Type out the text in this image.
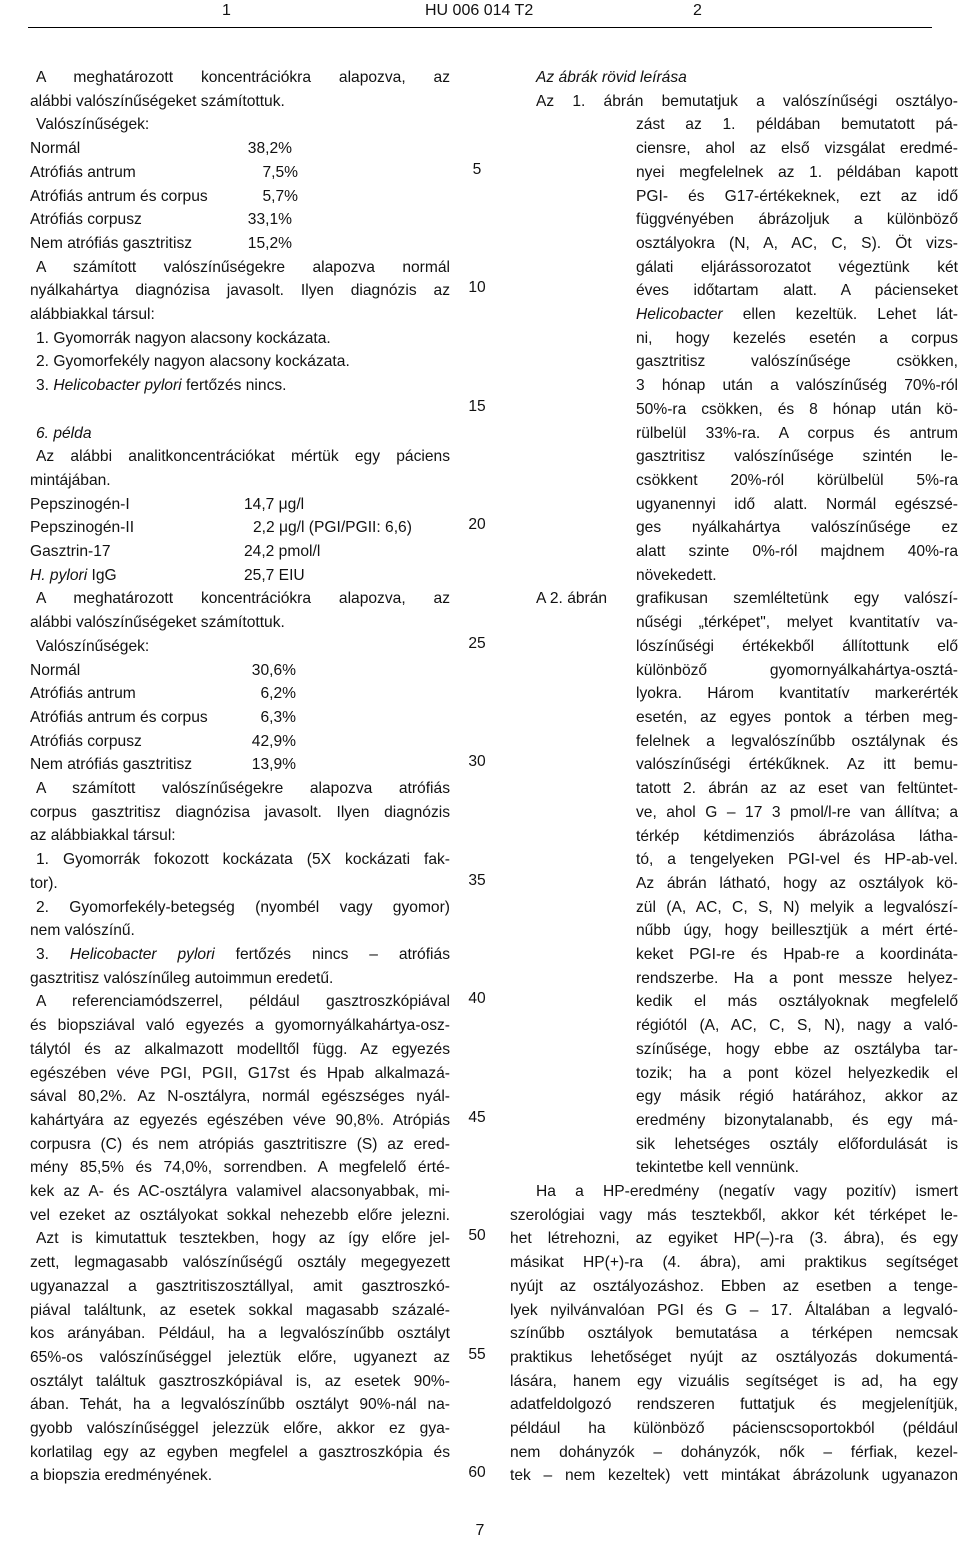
1	HU 006 014 T2	2

A meghatározott koncentrációkra alapozva, az

alábbi valószínűségeket számítottuk.

Valószínűségek:

Normál	38,2%
Atrófiás antrum	7,5%
Atrófiás antrum és corpus	5,7%
Atrófiás corpusz	33,1%
Nem atrófiás gasztritisz	15,2%

A számított valószínűségekre alapozva normál

nyálkahártya diagnózisa javasolt. Ilyen diagnózis az

alábbiakkal társul:

1. Gyomorrák nagyon alacsony kockázata.

2. Gyomorfekély nagyon alacsony kockázata.

3. Helicobacter pylori fertőzés nincs.

6. példa

Az alábbi analitkoncentrációkat mértük egy páciens

mintájában.

Pepszinogén-I	14,7 μg/l
Pepszinogén-II	2,2 μg/l (PGI/PGII: 6,6)
Gasztrin-17	24,2 pmol/l
H. pylori IgG	25,7 EIU

A meghatározott koncentrációkra alapozva, az

alábbi valószínűségeket számítottuk.

Valószínűségek:

Normál	30,6%
Atrófiás antrum	6,2%
Atrófiás antrum és corpus	6,3%
Atrófiás corpusz	42,9%
Nem atrófiás gasztritisz	13,9%

A számított valószínűségekre alapozva atrófiás

corpus gasztritisz diagnózisa javasolt. Ilyen diagnózis

az alábbiakkal társul:

1. Gyomorrák fokozott kockázata (5X kockázati fak-

tor).

2. Gyomorfekély-betegség (nyombél vagy gyomor)

nem valószínű.

3. Helicobacter pylori fertőzés nincs – atrófiás

gasztritisz valószínűleg autoimmun eredetű.

A referenciamódszerrel, például gasztroszkópiával

és biopsziával való egyezés a gyomornyálkahártya-osz-

tálytól és az alkalmazott modelltől függ. Az egyezés

egészében véve PGI, PGII, G17st és Hpab alkalmazá-

sával 80,2%. Az N-osztályra, normál egészséges nyál-

kahártyára az egyezés egészében véve 90,8%. Atrópiás

corpusra (C) és nem atrópiás gasztritiszre (S) az ered-

mény 85,5% és 74,0%, sorrendben. A megfelelő érté-

kek az A- és AC-osztályra valamivel alacsonyabbak, mi-

vel ezeket az osztályokat sokkal nehezebb előre jelezni.

Azt is kimutattuk tesztekben, hogy az így előre jel-

zett, legmagasabb valószínűségű osztály megegyezett

ugyanazzal a gasztritiszosztállyal, amit gasztroszkó-

piával találtunk, az esetek sokkal magasabb százalé-

kos arányában. Például, ha a legvalószínűbb osztályt

65%-os valószínűséggel jeleztük előre, ugyanezt az

osztályt találtuk gasztroszkópiával is, az esetek 90%-

ában. Tehát, ha a legvalószínűbb osztályt 90%-nál na-

gyobb valószínűséggel jelezzük előre, akkor ez gya-

korlatilag egy az egyben megfelel a gasztroszkópia és

a biopszia eredményének.

5
10
15
20
25
30
35
40
45
50
55
60

Az ábrák rövid leírása

Az 1. ábrán bemutatjuk a valószínűségi osztályo-

zást az 1. példában bemutatott pá-

ciensre, ahol az első vizsgálat eredmé-

nyei megfelelnek az 1. példában kapott

PGI- és G17-értékeknek, ezt az idő

függvényében ábrázoljuk a különböző

osztályokra (N, A, AC, C, S). Öt vizs-

gálati eljárássorozatot végeztünk két

éves időtartam alatt. A pácienseket

Helicobacter ellen kezeltük. Lehet lát-

ni, hogy kezelés esetén a corpus

gasztritisz valószínűsége csökken,

3 hónap után a valószínűség 70%-ról

50%-ra csökken, és 8 hónap után kö-

rülbelül 33%-ra. A corpus és antrum

gasztritisz valószínűsége szintén le-

csökkent 20%-ról körülbelül 5%-ra

ugyanennyi idő alatt. Normál egészsé-

ges nyálkahártya valószínűsége ez

alatt szinte 0%-ról majdnem 40%-ra

növekedett.

A 2. ábrán	grafikusan szemléltetünk egy valószí-

nűségi „térképet", melyet kvantitatív va-

lószínűségi értékekből állítottunk elő

különböző gyomornyálkahártya-osztá-

lyokra. Három kvantitatív markerérték

esetén, az egyes pontok a térben meg-

felelnek a legvalószínűbb osztálynak és

valószínűségi értékűknek. Az itt bemu-

tatott 2. ábrán az az eset van feltüntet-

ve, ahol G – 17 3 pmol/l-re van állítva; a

térkép kétdimenziós ábrázolása látha-

tó, a tengelyeken PGI-vel és HP-ab-vel.

Az ábrán látható, hogy az osztályok kö-

zül (A, AC, C, S, N) melyik a legvalószí-

nűbb úgy, hogy beillesztjük a mért érté-

keket PGI-re és Hpab-re a koordináta-

rendszerbe. Ha a pont messze helyez-

kedik el más osztályoknak megfelelő

régiótól (A, AC, C, S, N), nagy a való-

színűsége, hogy ebbe az osztályba tar-

tozik; ha a pont közel helyezkedik el

egy másik régió határához, akkor az

eredmény bizonytalanabb, és egy má-

sik lehetséges osztály előfordulását is

tekintetbe kell vennünk.

Ha a HP-eredmény (negatív vagy pozitív) ismert

szerológiai vagy más tesztekből, akkor két térképet le-

het létrehozni, az egyiket HP(–)-ra (3. ábra), és egy

másikat HP(+)-ra (4. ábra), ami praktikus segítséget

nyújt az osztályozáshoz. Ebben az esetben a tenge-

lyek nyilvánvalóan PGI és G – 17. Általában a legvaló-

színűbb osztályok bemutatása a térképen nemcsak

praktikus lehetőséget nyújt az osztályozás dokumentá-

lására, hanem egy vizuális segítséget is ad, ha egy

adatfeldolgozó rendszeren futtatjuk és megjelenítjük,

például ha különböző pácienscsoportokból (például

nem dohányzók – dohányzók, nők – férfiak, kezel-

tek – nem kezeltek) vett mintákat ábrázolunk ugyanazon

7
